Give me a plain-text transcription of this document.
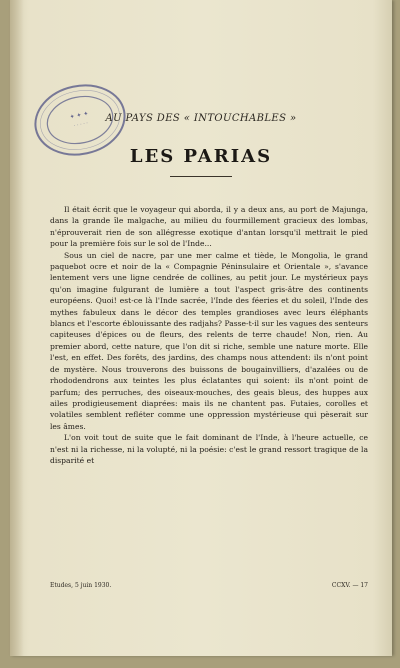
✦ ✦ ✦
· · · · ·
AU PAYS DES « INTOUCHABLES »
LES PARIAS

Il était écrit que le voyageur qui aborda, il y a deux ans, au port de Majunga, dans la grande île malgache, au milieu du fourmillement gracieux des lombas, n'éprouverait rien de son allégresse exotique d'antan lorsqu'il mettrait le pied pour la première fois sur le sol de l'Inde...

Sous un ciel de nacre, par une mer calme et tiède, le Mongolia, le grand paquebot ocre et noir de la « Compagnie Péninsulaire et Orientale », s'avance lentement vers une ligne cendrée de collines, au petit jour. Le mystérieux pays qu'on imagine fulgurant de lumière a tout l'aspect gris-âtre des continents européens. Quoi! est-ce là l'Inde sacrée, l'Inde des féeries et du soleil, l'Inde des mythes fabuleux dans le décor des temples grandioses avec leurs éléphants blancs et l'escorte éblouissante des radjahs? Passe-t-il sur les vagues des senteurs capiteuses d'épices ou de fleurs, des relents de terre chaude! Non, rien. Au premier abord, cette nature, que l'on dit si riche, semble une nature morte. Elle l'est, en effet. Des forêts, des jardins, des champs nous attendent: ils n'ont point de mystère. Nous trouverons des buissons de bougainvilliers, d'azalées ou de rhododendrons aux teintes les plus éclatantes qui soient: ils n'ont point de parfum; des perruches, des oiseaux-mouches, des geais bleus, des huppes aux ailes prodigieusement diaprées: mais ils ne chantent pas. Futaies, corolles et volatiles semblent refléter comme une oppression mystérieuse qui pèserait sur les âmes.

L'on voit tout de suite que le fait dominant de l'Inde, à l'heure actuelle, ce n'est ni la richesse, ni la volupté, ni la poésie: c'est le grand ressort tragique de la disparité et

Etudes, 5 juin 1930.	CCXV. — 17
